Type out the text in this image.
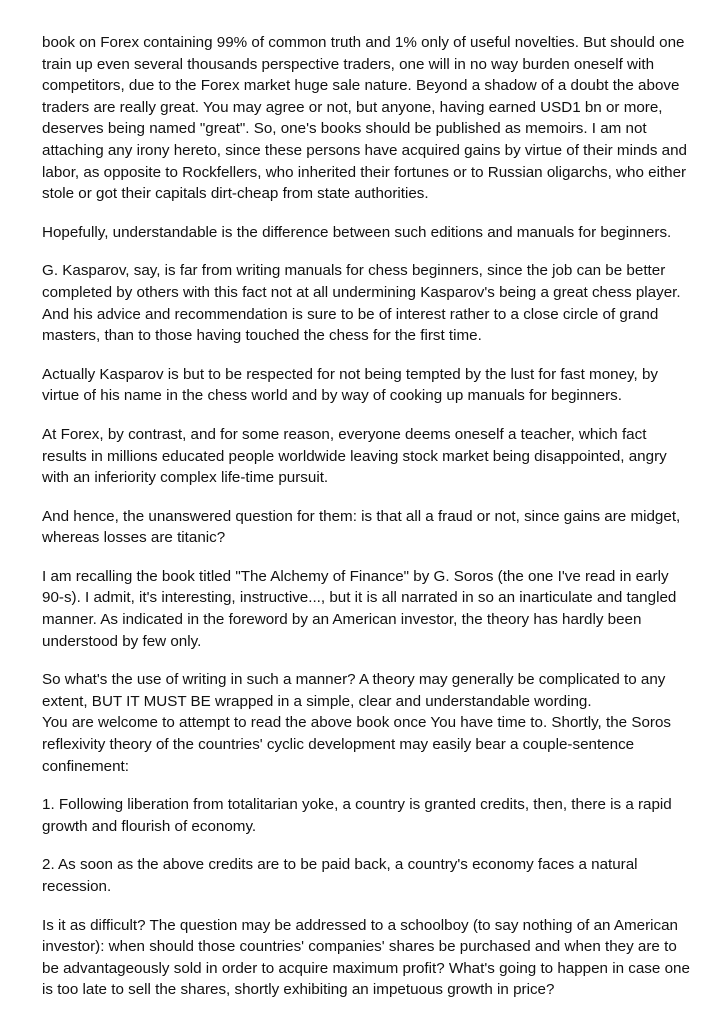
book on Forex containing 99% of common truth and 1% only of useful novelties. But should one train up even several thousands perspective traders, one will in no way burden oneself with competitors, due to the Forex market huge sale nature. Beyond a shadow of a doubt the above traders are really great. You may agree or not, but anyone, having earned USD1 bn or more, deserves being named "great". So, one's books should be published as memoirs. I am not attaching any irony hereto, since these persons have acquired gains by virtue of their minds and labor, as opposite to Rockfellers, who inherited their fortunes or to Russian oligarchs, who either stole or got their capitals dirt-cheap from state authorities.

Hopefully, understandable is the difference between such editions and manuals for beginners.

G. Kasparov, say, is far from writing manuals for chess beginners, since the job can be better completed by others with this fact not at all undermining Kasparov's being a great chess player. And his advice and recommendation is sure to be of interest rather to a close circle of grand masters, than to those having touched the chess for the first time.

Actually Kasparov is but to be respected for not being tempted by the lust for fast money, by virtue of his name in the chess world and by way of cooking up manuals for beginners.

At Forex, by contrast, and for some reason, everyone deems oneself a teacher, which fact results in millions educated people worldwide leaving stock market being disappointed, angry with an inferiority complex life-time pursuit.

And hence, the unanswered question for them: is that all a fraud or not, since gains are midget, whereas losses are titanic?

I am recalling the book titled "The Alchemy of Finance" by G. Soros (the one I've read in early 90-s). I admit, it's interesting, instructive..., but it is all narrated in so an inarticulate and tangled manner. As indicated in the foreword by an American investor, the theory has hardly been understood by few only.

So what's the use of writing in such a manner? A theory may generally be complicated to any extent, BUT IT MUST BE wrapped in a simple, clear and understandable wording.

You are welcome to attempt to read the above book once You have time to. Shortly, the Soros reflexivity theory of the countries' cyclic development may easily bear a couple-sentence confinement:

1. Following liberation from totalitarian yoke, a country is granted credits, then, there is a rapid growth and flourish of economy.

2. As soon as the above credits are to be paid back, a country's economy faces a natural recession.

Is it as difficult? The question may be addressed to a schoolboy (to say nothing of an American investor): when should those countries' companies' shares be purchased and when they are to be advantageously sold in order to acquire maximum profit? What's going to happen in case one is too late to sell the shares, shortly exhibiting an impetuous growth in price?
